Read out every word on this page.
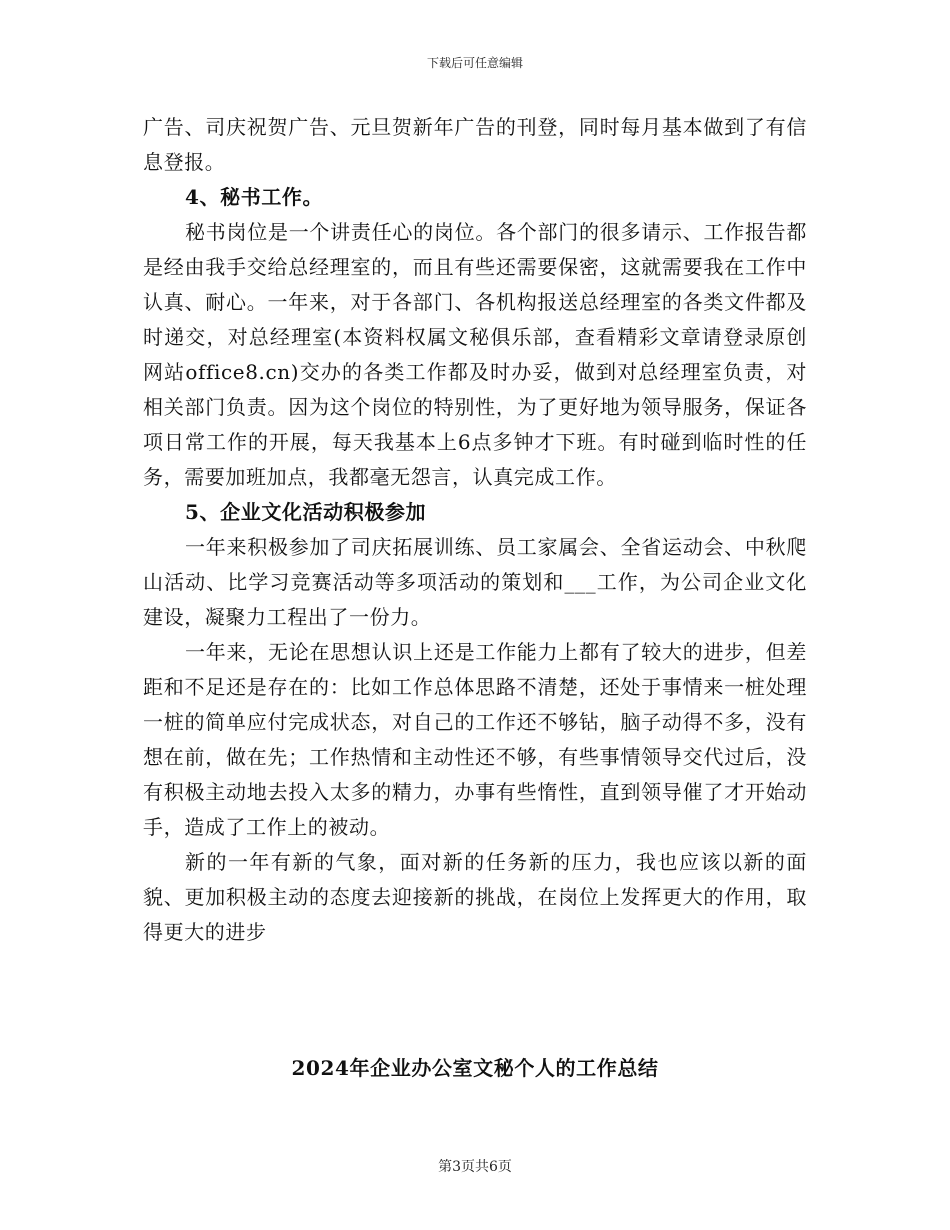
下载后可任意编辑

广告、司庆祝贺广告、元旦贺新年广告的刊登，同时每月基本做到了有信息登报。

4、秘书工作。

秘书岗位是一个讲责任心的岗位。各个部门的很多请示、工作报告都是经由我手交给总经理室的，而且有些还需要保密，这就需要我在工作中认真、耐心。一年来，对于各部门、各机构报送总经理室的各类文件都及时递交，对总经理室(本资料权属文秘俱乐部，查看精彩文章请登录原创网站office8.cn)交办的各类工作都及时办妥，做到对总经理室负责，对相关部门负责。因为这个岗位的特别性，为了更好地为领导服务，保证各项日常工作的开展，每天我基本上6点多钟才下班。有时碰到临时性的任务，需要加班加点，我都毫无怨言，认真完成工作。

5、企业文化活动积极参加

一年来积极参加了司庆拓展训练、员工家属会、全省运动会、中秋爬山活动、比学习竞赛活动等多项活动的策划和___工作，为公司企业文化建设，凝聚力工程出了一份力。

一年来，无论在思想认识上还是工作能力上都有了较大的进步，但差距和不足还是存在的：比如工作总体思路不清楚，还处于事情来一桩处理一桩的简单应付完成状态，对自己的工作还不够钻，脑子动得不多，没有想在前，做在先；工作热情和主动性还不够，有些事情领导交代过后，没有积极主动地去投入太多的精力，办事有些惰性，直到领导催了才开始动手，造成了工作上的被动。

新的一年有新的气象，面对新的任务新的压力，我也应该以新的面貌、更加积极主动的态度去迎接新的挑战，在岗位上发挥更大的作用，取得更大的进步

2024年企业办公室文秘个人的工作总结
第3页共6页
